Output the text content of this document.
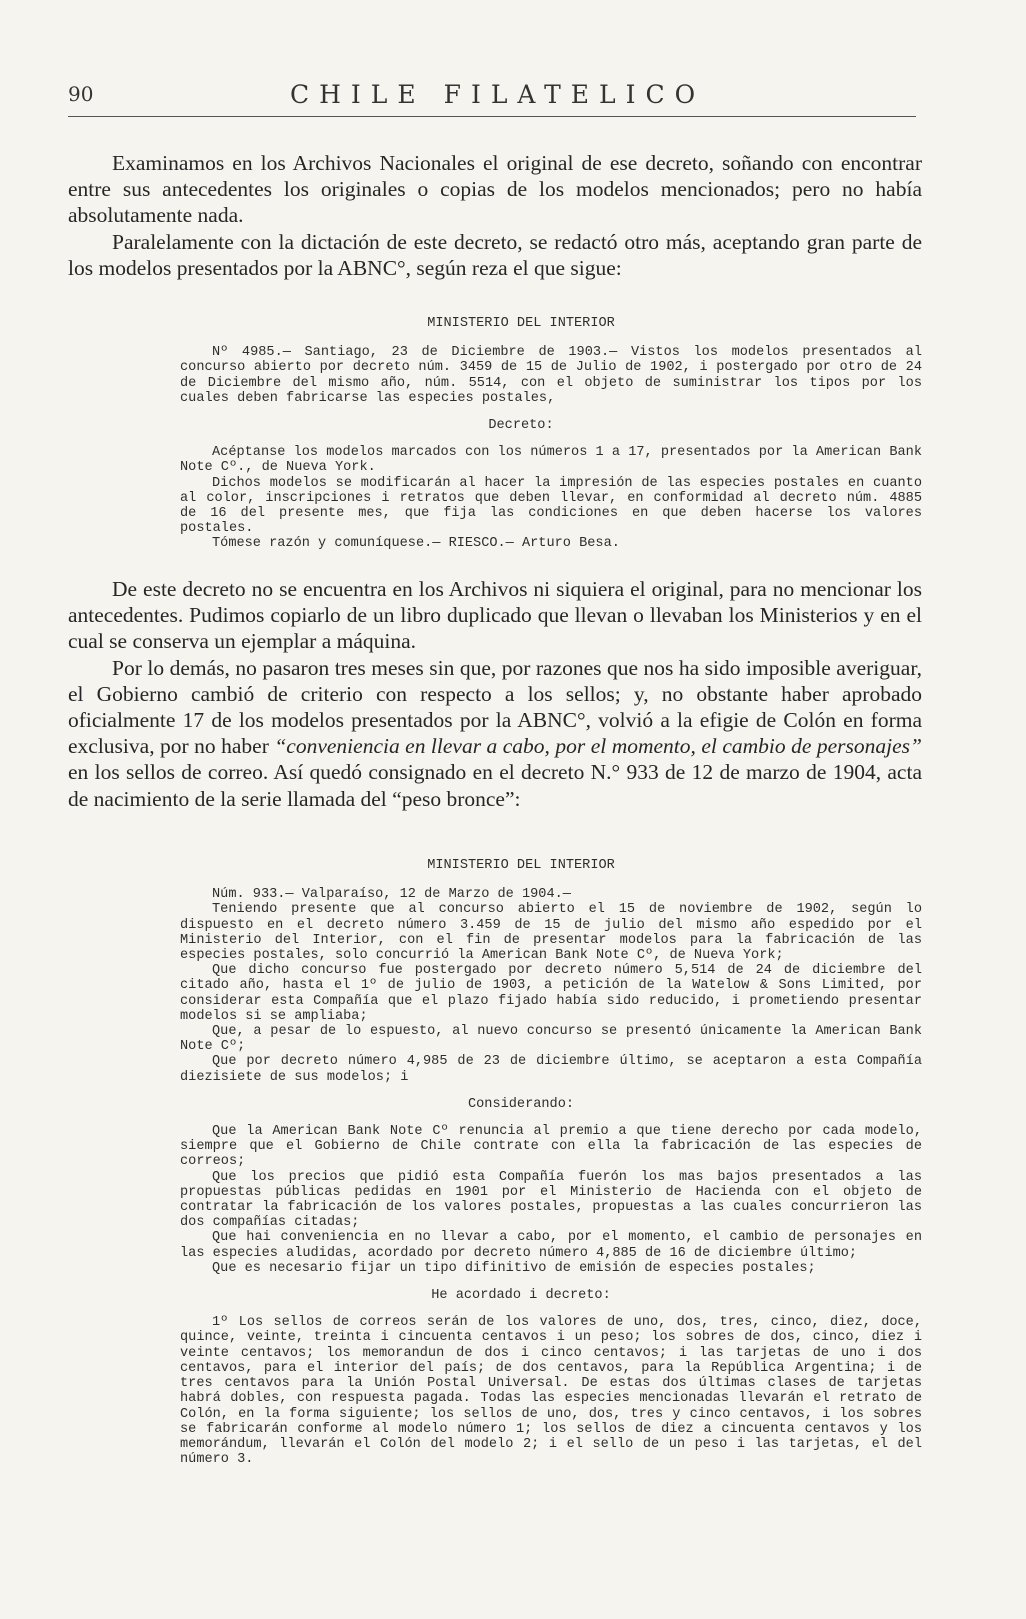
90	CHILE FILATELICO

Examinamos en los Archivos Nacionales el original de ese decreto, soñando con encontrar entre sus antecedentes los originales o copias de los modelos mencionados; pero no había absolutamente nada.

Paralelamente con la dictación de este decreto, se redactó otro más, aceptando gran parte de los modelos presentados por la ABNC°, según reza el que sigue:

MINISTERIO DEL INTERIOR

Nº 4985.— Santiago, 23 de Diciembre de 1903.— Vistos los modelos presentados al concurso abierto por decreto núm. 3459 de 15 de Julio de 1902, i postergado por otro de 24 de Diciembre del mismo año, núm. 5514, con el objeto de suministrar los tipos por los cuales deben fabricarse las especies postales,

Decreto:

Acéptanse los modelos marcados con los números 1 a 17, presentados por la American Bank Note Cº., de Nueva York.

Dichos modelos se modificarán al hacer la impresión de las especies postales en cuanto al color, inscripciones i retratos que deben llevar, en conformidad al decreto núm. 4885 de 16 del presente mes, que fija las condiciones en que deben hacerse los valores postales.

Tómese razón y comuníquese.— RIESCO.— Arturo Besa.

De este decreto no se encuentra en los Archivos ni siquiera el original, para no mencionar los antecedentes. Pudimos copiarlo de un libro duplicado que llevan o llevaban los Ministerios y en el cual se conserva un ejemplar a máquina.

Por lo demás, no pasaron tres meses sin que, por razones que nos ha sido imposible averiguar, el Gobierno cambió de criterio con respecto a los sellos; y, no obstante haber aprobado oficialmente 17 de los modelos presentados por la ABNC°, volvió a la efigie de Colón en forma exclusiva, por no haber “conveniencia en llevar a cabo, por el momento, el cambio de personajes” en los sellos de correo. Así quedó consignado en el decreto N.° 933 de 12 de marzo de 1904, acta de nacimiento de la serie llamada del “peso bronce”:

MINISTERIO DEL INTERIOR

Núm. 933.— Valparaíso, 12 de Marzo de 1904.—

Teniendo presente que al concurso abierto el 15 de noviembre de 1902, según lo dispuesto en el decreto número 3.459 de 15 de julio del mismo año espedido por el Ministerio del Interior, con el fin de presentar modelos para la fabricación de las especies postales, solo concurrió la American Bank Note Cº, de Nueva York;

Que dicho concurso fue postergado por decreto número 5,514 de 24 de diciembre del citado año, hasta el 1º de julio de 1903, a petición de la Watelow & Sons Limited, por considerar esta Compañía que el plazo fijado había sido reducido, i prometiendo presentar modelos si se ampliaba;

Que, a pesar de lo espuesto, al nuevo concurso se presentó únicamente la American Bank Note Cº;

Que por decreto número 4,985 de 23 de diciembre último, se aceptaron a esta Compañía diezisiete de sus modelos; i

Considerando:

Que la American Bank Note Cº renuncia al premio a que tiene derecho por cada modelo, siempre que el Gobierno de Chile contrate con ella la fabricación de las especies de correos;

Que los precios que pidió esta Compañía fuerón los mas bajos presentados a las propuestas públicas pedidas en 1901 por el Ministerio de Hacienda con el objeto de contratar la fabricación de los valores postales, propuestas a las cuales concurrieron las dos compañías citadas;

Que hai conveniencia en no llevar a cabo, por el momento, el cambio de personajes en las especies aludidas, acordado por decreto número 4,885 de 16 de diciembre último;

Que es necesario fijar un tipo difinitivo de emisión de especies postales;

He acordado i decreto:

1º Los sellos de correos serán de los valores de uno, dos, tres, cinco, diez, doce, quince, veinte, treinta i cincuenta centavos i un peso; los sobres de dos, cinco, diez i veinte centavos; los memorandun de dos i cinco centavos; i las tarjetas de uno i dos centavos, para el interior del país; de dos centavos, para la República Argentina; i de tres centavos para la Unión Postal Universal. De estas dos últimas clases de tarjetas habrá dobles, con respuesta pagada. Todas las especies mencionadas llevarán el retrato de Colón, en la forma siguiente; los sellos de uno, dos, tres y cinco centavos, i los sobres se fabricarán conforme al modelo número 1; los sellos de diez a cincuenta centavos y los memorándum, llevarán el Colón del modelo 2; i el sello de un peso i las tarjetas, el del número 3.
